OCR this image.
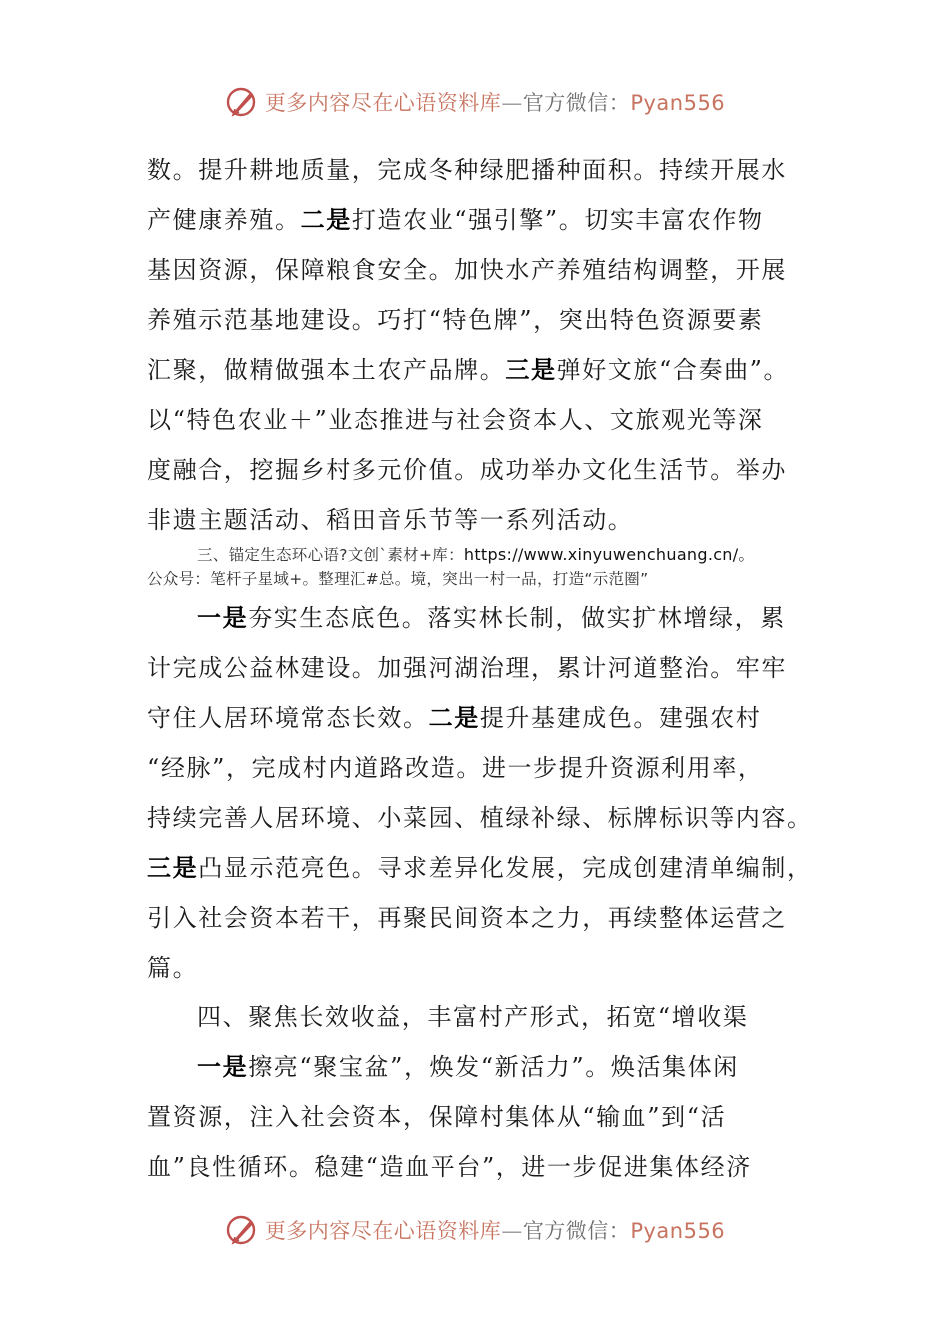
更多内容尽在心语资料库—官方微信：Pyan556
数。提升耕地质量，完成冬种绿肥播种面积。持续开展水
产健康养殖。二是打造农业“强引擎”。切实丰富农作物
基因资源，保障粮食安全。加快水产养殖结构调整，开展
养殖示范基地建设。巧打“特色牌”，突出特色资源要素
汇聚，做精做强本土农产品牌。三是弹好文旅“合奏曲”。
以“特色农业＋”业态推进与社会资本人、文旅观光等深
度融合，挖掘乡村多元价值。成功举办文化生活节。举办
非遗主题活动、稻田音乐节等一系列活动。
三、锚定生态环心语?文创`素材+库：https://www.xinyuwenchuang.cn/。
公众号：笔杆子星域+。整理汇#总。境，突出一村一品，打造“示范圈”
一是夯实生态底色。落实林长制，做实扩林增绿，累
计完成公益林建设。加强河湖治理，累计河道整治。牢牢
守住人居环境常态长效。二是提升基建成色。建强农村
“经脉”，完成村内道路改造。进一步提升资源利用率，
持续完善人居环境、小菜园、植绿补绿、标牌标识等内容。
三是凸显示范亮色。寻求差异化发展，完成创建清单编制，
引入社会资本若干，再聚民间资本之力，再续整体运营之
篇。
四、聚焦长效收益，丰富村产形式，拓宽“增收渠
一是擦亮“聚宝盆”，焕发“新活力”。焕活集体闲
置资源，注入社会资本，保障村集体从“输血”到“活
血”良性循环。稳建“造血平台”，进一步促进集体经济
更多内容尽在心语资料库—官方微信：Pyan556
